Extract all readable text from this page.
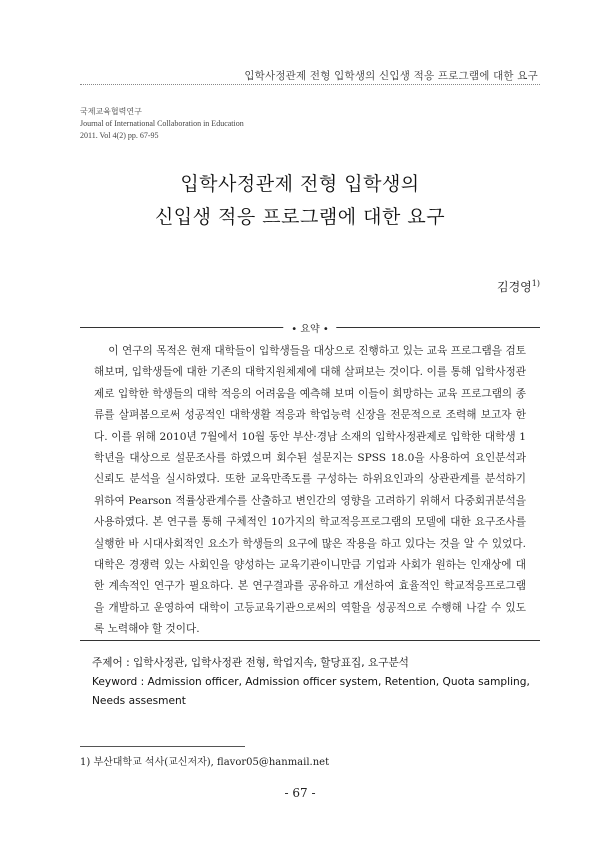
입학사정관제 전형 입학생의 신입생 적응 프로그램에 대한 요구
국제교육협력연구
Journal of International Collaboration in Education
2011. Vol 4(2) pp. 67-95
입학사정관제 전형 입학생의
신입생 적응 프로그램에 대한 요구
김경영$^{1)}$
• 요약 •
이 연구의 목적은 현재 대학들이 입학생들을 대상으로 진행하고 있는 교육 프로그램을 검토해보며, 입학생들에 대한 기존의 대학지원체제에 대해 살펴보는 것이다. 이를 통해 입학사정관제로 입학한 학생들의 대학 적응의 어려움을 예측해 보며 이들이 희망하는 교육 프로그램의 종류를 살펴봄으로써 성공적인 대학생활 적응과 학업능력 신장을 전문적으로 조력해 보고자 한다. 이를 위해 2010년 7월에서 10월 동안 부산·경남 소재의 입학사정관제로 입학한 대학생 1학년을 대상으로 설문조사를 하였으며 회수된 설문지는 SPSS 18.0을 사용하여 요인분석과 신뢰도 분석을 실시하였다. 또한 교육만족도를 구성하는 하위요인과의 상관관계를 분석하기 위하여 Pearson 적률상관계수를 산출하고 변인간의 영향을 고려하기 위해서 다중회귀분석을 사용하였다. 본 연구를 통해 구체적인 10가지의 학교적응프로그램의 모델에 대한 요구조사를 실행한 바 시대사회적인 요소가 학생들의 요구에 많은 작용을 하고 있다는 것을 알 수 있었다. 대학은 경쟁력 있는 사회인을 양성하는 교육기관이니만큼 기업과 사회가 원하는 인재상에 대한 계속적인 연구가 필요하다. 본 연구결과를 공유하고 개선하여 효율적인 학교적응프로그램을 개발하고 운영하여 대학이 고등교육기관으로써의 역할을 성공적으로 수행해 나갈 수 있도록 노력해야 할 것이다.
주제어 : 입학사정관, 입학사정관 전형, 학업지속, 할당표집, 요구분석
Keyword : Admission officer, Admission officer system, Retention, Quota sampling, Needs assesment
1) 부산대학교 석사(교신저자), flavor05@hanmail.net
- 67 -
